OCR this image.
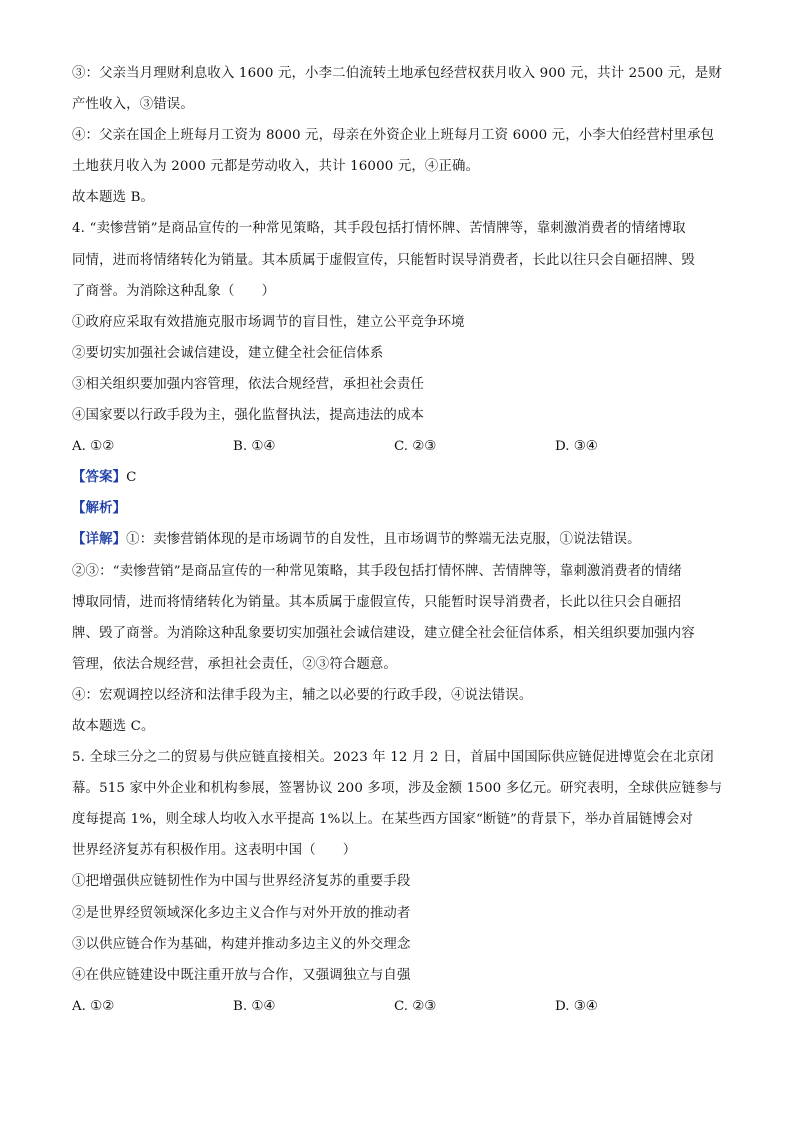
③：父亲当月理财利息收入 1600 元，小李二伯流转土地承包经营权获月收入 900 元，共计 2500 元，是财
产性收入，③错误。
④：父亲在国企上班每月工资为 8000 元，母亲在外资企业上班每月工资 6000 元，小李大伯经营村里承包
土地获月收入为 2000 元都是劳动收入，共计 16000 元，④正确。
故本题选 B。
4. “卖惨营销”是商品宣传的一种常见策略，其手段包括打情怀牌、苦情牌等，靠刺激消费者的情绪博取
同情，进而将情绪转化为销量。其本质属于虚假宣传，只能暂时误导消费者，长此以往只会自砸招牌、毁
了商誉。为消除这种乱象（　　）
①政府应采取有效措施克服市场调节的盲目性，建立公平竞争环境
②要切实加强社会诚信建设，建立健全社会征信体系
③相关组织要加强内容管理，依法合规经营，承担社会责任
④国家要以行政手段为主，强化监督执法，提高违法的成本
A. ①②	B. ①④	C. ②③	D. ③④
【答案】C
【解析】
【详解】①：卖惨营销体现的是市场调节的自发性，且市场调节的弊端无法克服，①说法错误。
②③：“卖惨营销”是商品宣传的一种常见策略，其手段包括打情怀牌、苦情牌等，靠刺激消费者的情绪
博取同情，进而将情绪转化为销量。其本质属于虚假宣传，只能暂时误导消费者，长此以往只会自砸招
牌、毁了商誉。为消除这种乱象要切实加强社会诚信建设，建立健全社会征信体系，相关组织要加强内容
管理，依法合规经营，承担社会责任，②③符合题意。
④：宏观调控以经济和法律手段为主，辅之以必要的行政手段，④说法错误。
故本题选 C。
5. 全球三分之二的贸易与供应链直接相关。2023 年 12 月 2 日，首届中国国际供应链促进博览会在北京闭
幕。515 家中外企业和机构参展，签署协议 200 多项，涉及金额 1500 多亿元。研究表明，全球供应链参与
度每提高 1%，则全球人均收入水平提高 1%以上。在某些西方国家“断链”的背景下，举办首届链博会对
世界经济复苏有积极作用。这表明中国（　　）
①把增强供应链韧性作为中国与世界经济复苏的重要手段
②是世界经贸领域深化多边主义合作与对外开放的推动者
③以供应链合作为基础，构建并推动多边主义的外交理念
④在供应链建设中既注重开放与合作，又强调独立与自强
A. ①②	B. ①④	C. ②③	D. ③④
